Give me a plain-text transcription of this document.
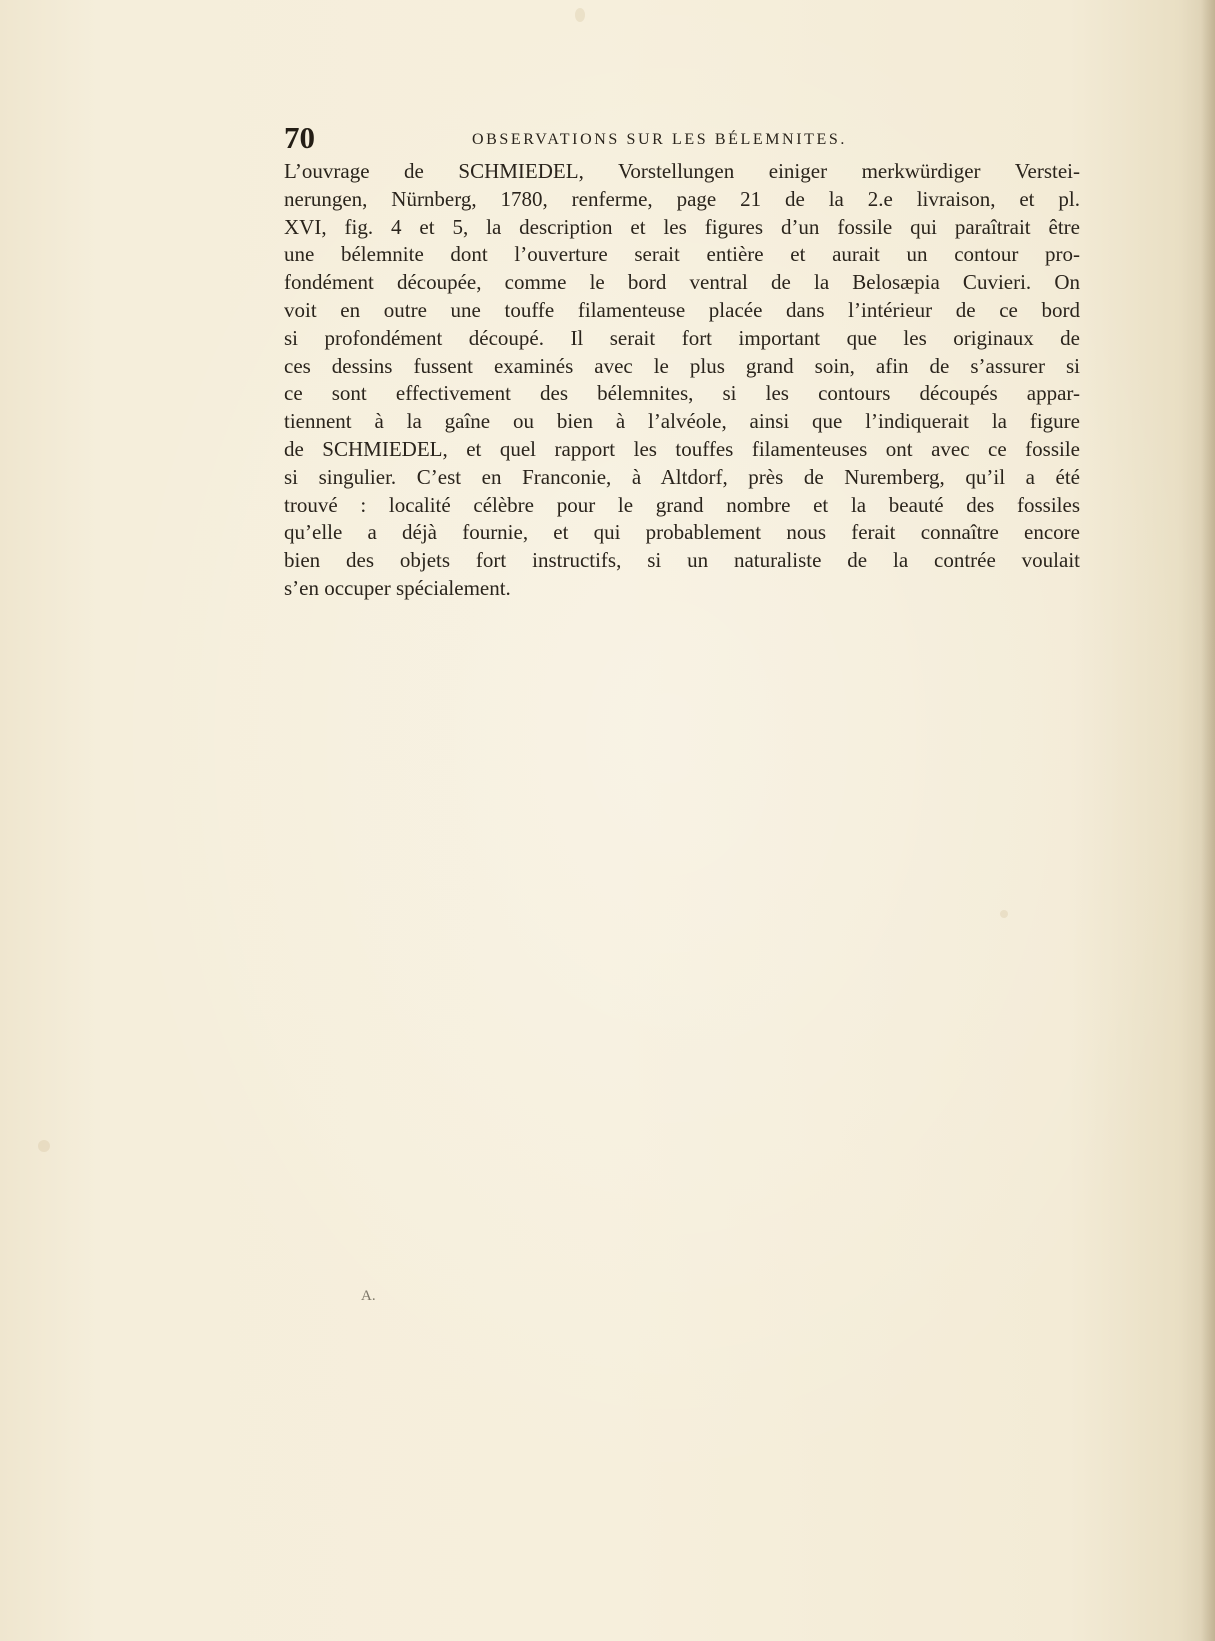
70	OBSERVATIONS SUR LES BÉLEMNITES.
L’ouvrage de SCHMIEDEL, Vorstellungen einiger merkwürdiger Verstei-
nerungen, Nürnberg, 1780, renferme, page 21 de la 2.e livraison, et pl.
XVI, fig. 4 et 5, la description et les figures d’un fossile qui paraîtrait être
une bélemnite dont l’ouverture serait entière et aurait un contour pro-
fondément découpée, comme le bord ventral de la Belosæpia Cuvieri. On
voit en outre une touffe filamenteuse placée dans l’intérieur de ce bord
si profondément découpé. Il serait fort important que les originaux de
ces dessins fussent examinés avec le plus grand soin, afin de s’assurer si
ce sont effectivement des bélemnites, si les contours découpés appar-
tiennent à la gaîne ou bien à l’alvéole, ainsi que l’indiquerait la figure
de SCHMIEDEL, et quel rapport les touffes filamenteuses ont avec ce fossile
si singulier. C’est en Franconie, à Altdorf, près de Nuremberg, qu’il a été
trouvé : localité célèbre pour le grand nombre et la beauté des fossiles
qu’elle a déjà fournie, et qui probablement nous ferait connaître encore
bien des objets fort instructifs, si un naturaliste de la contrée voulait
s’en occuper spécialement.
A.
